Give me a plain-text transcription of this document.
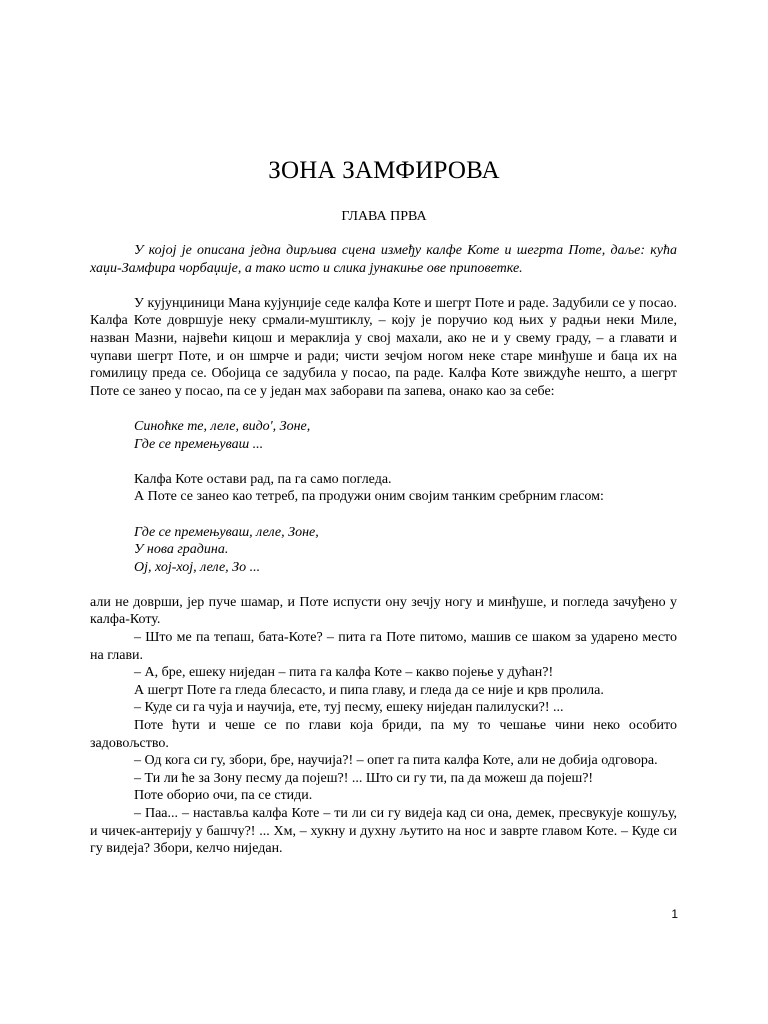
ЗОНА ЗАМФИРОВА
ГЛАВА ПРВА

У којој је описана једна дирљива сцена између калфе Коте и шегрта Поте, даље: кућа хаџи-Замфира чорбаџије, а тако исто и слика јунакиње ове приповетке.

У кујунџиници Мана кујунџије седе калфа Коте и шегрт Поте и раде. Задубили се у посао. Калфа Коте довршује неку срмали-муштиклу, – коју је поручио код њих у радњи неки Миле, назван Мазни, највећи кицош и мераклија у свој махали, ако не и у свему граду, – а главати и чупави шегрт Поте, и он шмрче и ради; чисти зечјом ногом неке старе минђуше и баца их на гомилицу преда се. Обојица се задубила у посао, па раде. Калфа Коте звиждуће нешто, а шегрт Поте се занео у посао, па се у један мах заборави па запева, онако као за себе:

Синоћке те, леле, видо', Зоне,

Где се премењуваш ...

Калфа Коте остави рад, па га само погледа.

А Поте се занео као тетреб, па продужи оним својим танким сребрним гласом:

Где се премењуваш, леле, Зоне,

У нова градина.

Ој, хој-хој, леле, Зо ...

али не доврши, јер пуче шамар, и Поте испусти ону зечју ногу и минђуше, и погледа зачуђено у калфа-Коту.

– Што ме па тепаш, бата-Коте? – пита га Поте питомо, машив се шаком за ударено место на глави.

– А, бре, ешеку ниједан – пита га калфа Коте – какво појење у дућан?!

А шегрт Поте га гледа блесасто, и пипа главу, и гледа да се није и крв пролила.

– Куде си га чуја и научија, ете, туј песму, ешеку ниједан палилуски?! ...

Поте ћути и чеше се по глави која бриди, па му то чешање чини неко особито задовољство.

– Од кога си гу, збори, бре, научија?! – опет га пита калфа Коте, али не добија одговора.

– Ти ли ће за Зону песму да појеш?! ... Што си гу ти, па да можеш да појеш?!

Поте оборио очи, па се стиди.

– Паа... – наставља калфа Коте – ти ли си гу видеја кад си она, демек, пресвукује кошуљу, и чичек-антерију у башчу?! ... Хм, – хукну и духну љутито на нос и заврте главом Коте. – Куде си гу видеја? Збори, келчо ниједан.

1
